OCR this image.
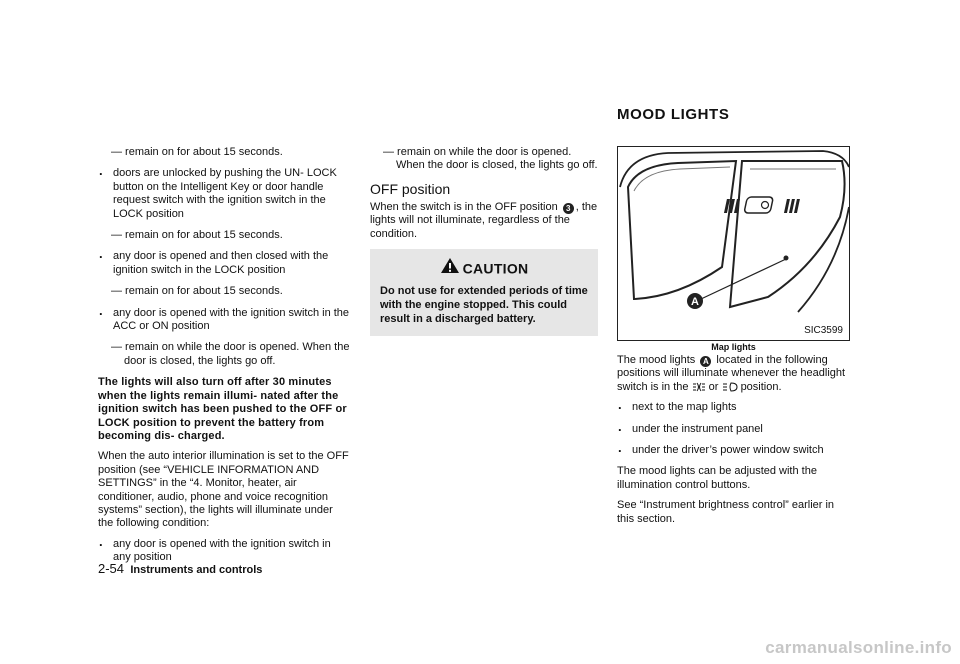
MOOD LIGHTS

— remain on for about 15 seconds.

. doors are unlocked by pushing the UN- LOCK button on the Intelligent Key or door handle request switch with the ignition switch in the LOCK position

— remain on for about 15 seconds.

. any door is opened and then closed with the ignition switch in the LOCK position

— remain on for about 15 seconds.

. any door is opened with the ignition switch in the ACC or ON position

— remain on while the door is opened. When the door is closed, the lights go off.

The lights will also turn off after 30 minutes when the lights remain illumi- nated after the ignition switch has been pushed to the OFF or LOCK position to prevent the battery from becoming dis- charged.

When the auto interior illumination is set to the OFF position (see “VEHICLE INFORMATION AND SETTINGS” in the “4. Monitor, heater, air conditioner, audio, phone and voice recognition systems” section), the lights will illuminate under the following condition:

. any door is opened with the ignition switch in any position

— remain on while the door is opened. When the door is closed, the lights go off.

OFF position

When the switch is in the OFF position 3 , the lights will not illuminate, regardless of the condition.

CAUTION
Do not use for extended periods of time with the engine stopped. This could result in a discharged battery.
A
SIC3599
Map lights

The mood lights A located in the following positions will illuminate whenever the headlight switch is in the or position.

. next to the map lights

. under the instrument panel

. under the driver’s power window switch

The mood lights can be adjusted with the illumination control buttons.

See “Instrument brightness control” earlier in this section.

2-54 Instruments and controls
carmanualsonline.info
